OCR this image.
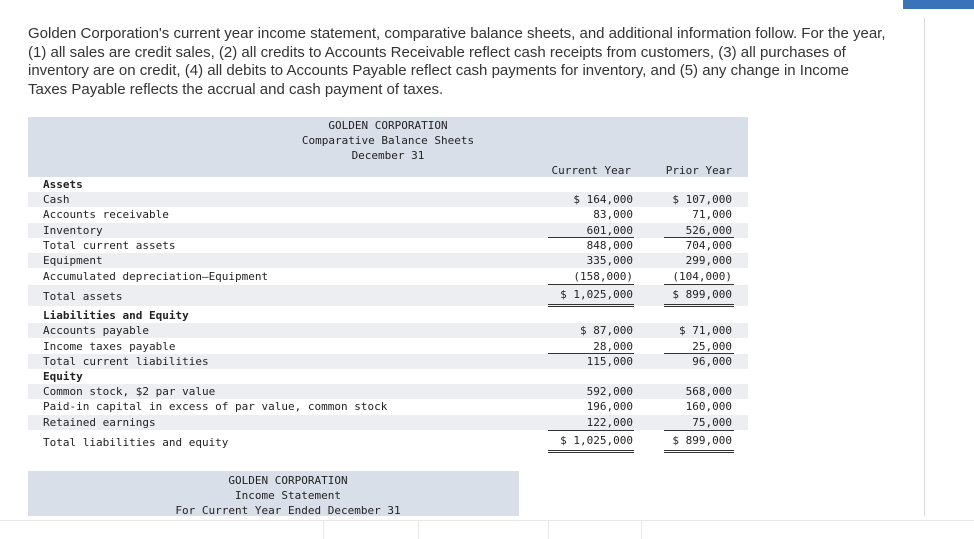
Golden Corporation's current year income statement, comparative balance sheets, and additional information follow. For the year, (1) all sales are credit sales, (2) all credits to Accounts Receivable reflect cash receipts from customers, (3) all purchases of inventory are on credit, (4) all debits to Accounts Payable reflect cash payments for inventory, and (5) any change in Income Taxes Payable reflects the accrual and cash payment of taxes.

GOLDEN CORPORATION
Comparative Balance Sheets
December 31
Current Year	Prior Year
Assets
Cash	$ 164,000	$ 107,000
Accounts receivable	83,000	71,000
Inventory	601,000	526,000
Total current assets	848,000	704,000
Equipment	335,000	299,000
Accumulated depreciation—Equipment	(158,000)	(104,000)
Total assets	$ 1,025,000	$ 899,000
Liabilities and Equity
Accounts payable	$ 87,000	$ 71,000
Income taxes payable	28,000	25,000
Total current liabilities	115,000	96,000
Equity
Common stock, $2 par value	592,000	568,000
Paid-in capital in excess of par value, common stock	196,000	160,000
Retained earnings	122,000	75,000
Total liabilities and equity	$ 1,025,000	$ 899,000
GOLDEN CORPORATION
Income Statement
For Current Year Ended December 31
